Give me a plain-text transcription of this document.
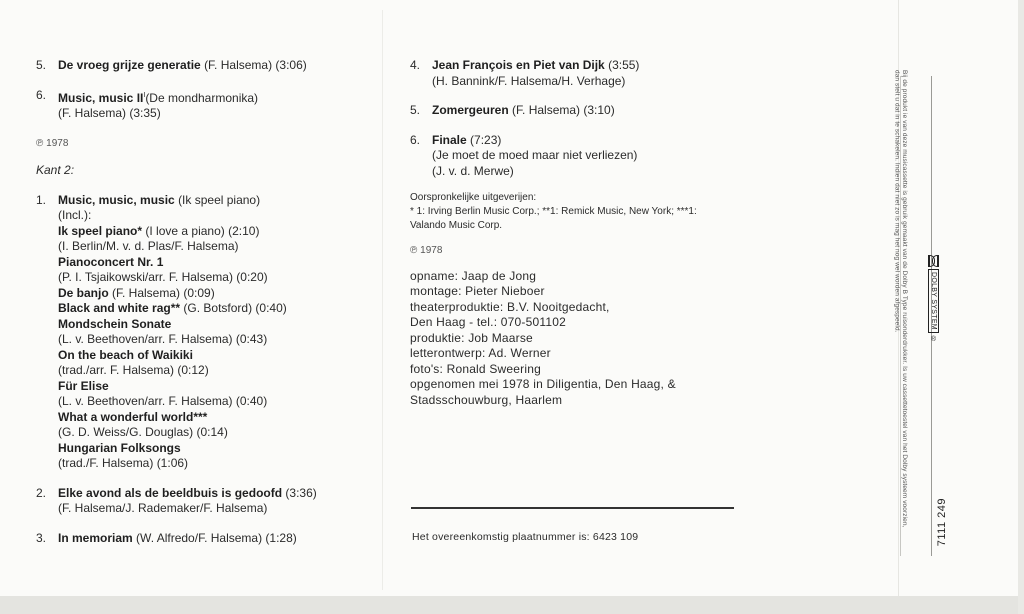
5. De vroeg grijze generatie (F. Halsema) (3:06)
6. Music, music $II^I(De$ mondharmonika)
(F. Halsema) (3:35)
℗ 1978
Kant 2:
1. Music, music, music (Ik speel piano)
(Incl.):
Ik speel piano* (I love a piano) (2:10)
(I. Berlin/M. v. d. Plas/F. Halsema)
Pianoconcert Nr. 1
(P. I. Tsjaikowski/arr. F. Halsema) (0:20)
De banjo (F. Halsema) (0:09)
Black and white rag** (G. Botsford) (0:40)
Mondschein Sonate
(L. v. Beethoven/arr. F. Halsema) (0:43)
On the beach of Waikiki
(trad./arr. F. Halsema) (0:12)
Für Elise
(L. v. Beethoven/arr. F. Halsema) (0:40)
What a wonderful world***
(G. D. Weiss/G. Douglas) (0:14)
Hungarian Folksongs
(trad./F. Halsema) (1:06)
2. Elke avond als de beeldbuis is gedoofd (3:36)
(F. Halsema/J. Rademaker/F. Halsema)
3. In memoriam (W. Alfredo/F. Halsema) (1:28)
4. Jean François en Piet van Dijk (3:55)
(H. Bannink/F. Halsema/H. Verhage)
5. Zomergeuren (F. Halsema) (3:10)
6. Finale (7:23)
(Je moet de moed maar niet verliezen)
(J. v. d. Merwe)
Oorspronkelijke uitgeverijen:
* 1: Irving Berlin Music Corp.; **1: Remick Music, New York; ***1: Valando Music Corp.
℗ 1978
opname: Jaap de Jong
montage: Pieter Nieboer
theaterproduktie: B.V. Nooitgedacht,
Den Haag - tel.: 070-501102
produktie: Job Maarse
letterontwerp: Ad. Werner
foto's: Ronald Sweering
opgenomen mei 1978 in Diligentia, Den Haag, &
Stadsschouwburg, Haarlem
Het overeenkomstig plaatnummer is: 6423 109
Bij de produkt ie van deze musicassette is gebruik gemaakt van de Dolby B Type ruisonderdrukker. Is uw cassettetoestel van het Dolby systeem voorzien, dan stelt u dat in te schakelen. Indien dat niet zo is mag het nog wel worden afgespeeld.	DOLBY SYSTEM
®
7111 249
